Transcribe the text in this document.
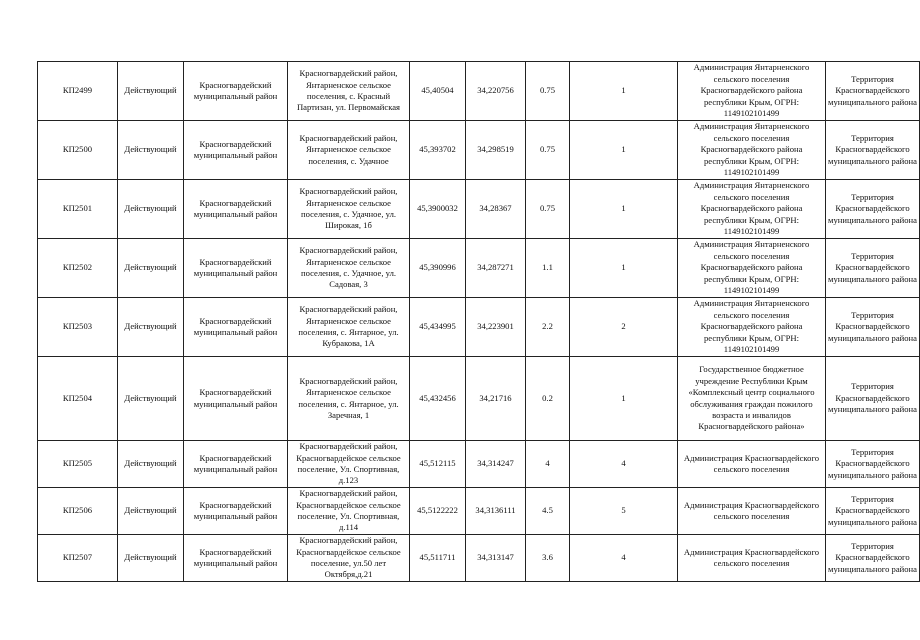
КП2499	Действующий	Красногвардейский муниципальный район	Красногвардейский район, Янтарненское сельское поселения, с. Красный Партизан, ул. Первомайская	45,40504	34,220756	0.75	1	Администрация Янтарненского сельского поселения Красногвардейского района республики Крым, ОГРН: 1149102101499	Территория Красногвардейского муниципального района
КП2500	Действующий	Красногвардейский муниципальный район	Красногвардейский район, Янтарненское сельское поселения, с. Удачное	45,393702	34,298519	0.75	1	Администрация Янтарненского сельского поселения Красногвардейского района республики Крым, ОГРН: 1149102101499	Территория Красногвардейского муниципального района
КП2501	Действующий	Красногвардейский муниципальный район	Красногвардейский район, Янтарненское сельское поселения, с. Удачное, ул. Широкая, 1б	45,3900032	34,28367	0.75	1	Администрация Янтарненского сельского поселения Красногвардейского района республики Крым, ОГРН: 1149102101499	Территория Красногвардейского муниципального района
КП2502	Действующий	Красногвардейский муниципальный район	Красногвардейский район, Янтарненское сельское поселения, с. Удачное, ул. Садовая, 3	45,390996	34,287271	1.1	1	Администрация Янтарненского сельского поселения Красногвардейского района республики Крым, ОГРН: 1149102101499	Территория Красногвардейского муниципального района
КП2503	Действующий	Красногвардейский муниципальный район	Красногвардейский район, Янтарненское сельское поселения, с. Янтарное, ул. Кубракова, 1А	45,434995	34,223901	2.2	2	Администрация Янтарненского сельского поселения Красногвардейского района республики Крым, ОГРН: 1149102101499	Территория Красногвардейского муниципального района
КП2504	Действующий	Красногвардейский муниципальный район	Красногвардейский район, Янтарненское сельское поселения, с. Янтарное, ул. Заречная, 1	45,432456	34,21716	0.2	1	Государственное бюджетное учреждение Республики Крым «Комплексный центр социального обслуживания граждан пожилого возраста и инвалидов Красногвардейского района»	Территория Красногвардейского муниципального района
КП2505	Действующий	Красногвардейский муниципальный район	Красногвардейский район, Красногвардейское сельское поселение, Ул. Спортивная, д.123	45,512115	34,314247	4	4	Администрация Красногвардейского сельского поселения	Территория Красногвардейского муниципального района
КП2506	Действующий	Красногвардейский муниципальный район	Красногвардейский район, Красногвардейское сельское поселение, Ул. Спортивная, д.114	45,5122222	34,3136111	4.5	5	Администрация Красногвардейского сельского поселения	Территория Красногвардейского муниципального района
КП2507	Действующий	Красногвардейский муниципальный район	Красногвардейский район, Красногвардейское сельское поселение, ул.50 лет Октября,д.21	45,511711	34,313147	3.6	4	Администрация Красногвардейского сельского поселения	Территория Красногвардейского муниципального района
